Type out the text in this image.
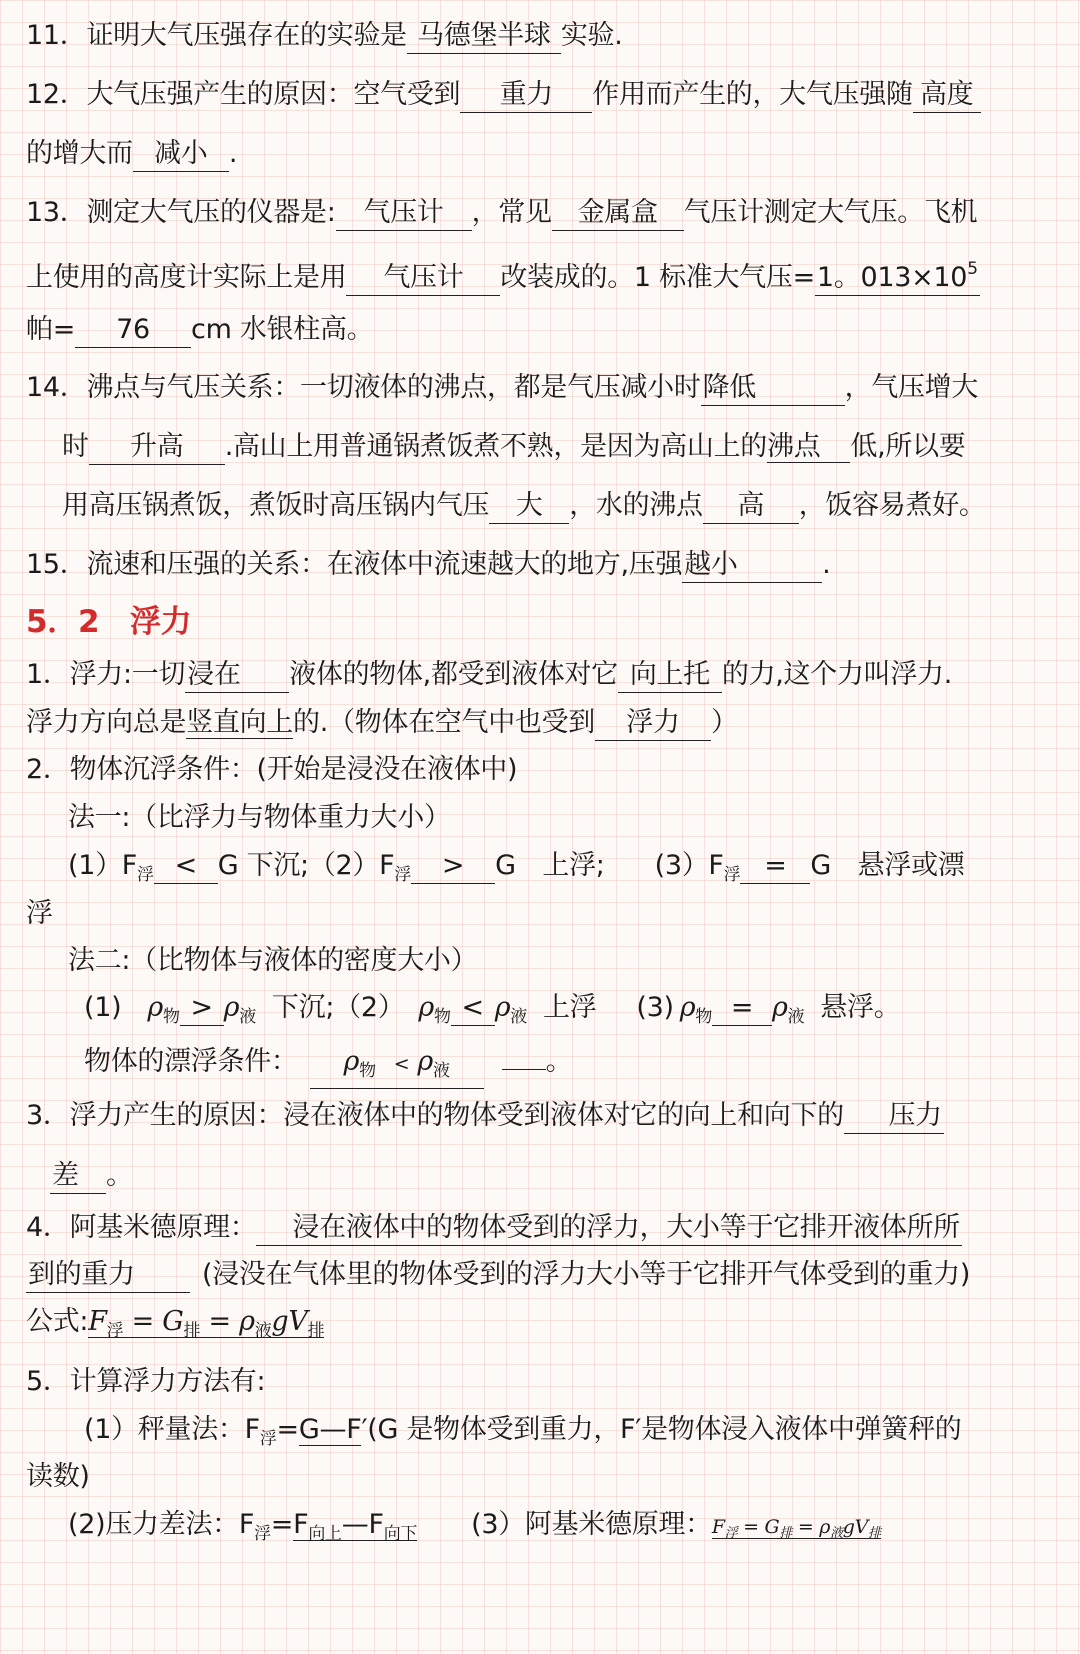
11．证明大气压强存在的实验是 马德堡半球 实验.
12．大气压强产生的原因：空气受到 重力 作用而产生的，大气压强随 高度
的增大而 减小 .
13．测定大气压的仪器是: 气压计 ，常见 金属盒 气压计测定大气压。飞机
上使用的高度计实际上是用 气压计 改装成的。1 标准大气压=1。$013\times 10^5$
帕= 76 cm 水银柱高。
14．沸点与气压关系：一切液体的沸点，都是气压减小时降低	，气压增大
时 升高 .高山上用普通锅煮饭煮不熟，是因为高山上的沸点 低,所以要
用高压锅煮饭，煮饭时高压锅内气压 大 ，水的沸点 高 ，饭容易煮好。
15．流速和压强的关系：在液体中流速越大的地方,压强越小	.
5．2　浮力
1．浮力:一切浸在 液体的物体,都受到液体对它 向上托 的力,这个力叫浮力.
浮力方向总是竖直向上的.（物体在空气中也受到 浮力 ）
2．物体沉浮条件：(开始是浸没在液体中)
法一:（比浮力与物体重力大小）
$(1)F_浮 < G$ 下沉$;(2)F_浮 > G$　上浮; $(3)F_浮 = G$　悬浮或漂
浮
法二:（比物体与液体的密度大小）
(1) $\rho_物 > \rho_液$ 下沉;（2） $\rho_物 < \rho_液$ 上浮 (3) $\rho_物 = \rho_液$ 悬浮。
物体的漂浮条件： $\rho_物 < \rho_液$	。
3．浮力产生的原因：浸在液体中的物体受到液体对它的向上和向下的 压力
差 。
4．阿基米德原理： 浸在液体中的物体受到的浮力，大小等于它排开液体所所
到的重力 (浸没在气体里的物体受到的浮力大小等于它排开气体受到的重力)
公式$:F_浮 = G_排 = \rho_液gV_排$
5．计算浮力方法有:
(1）秤量法：$F_浮=G—F'(G$ 是物体受到重力，F′是物体浸入液体中弹簧秤的
读数)
(2)压力差法：$F_浮=F_{向上}—F_{向下}$ (3）阿基米德原理：$F_浮 = G_排 = \rho_液gV_排$
